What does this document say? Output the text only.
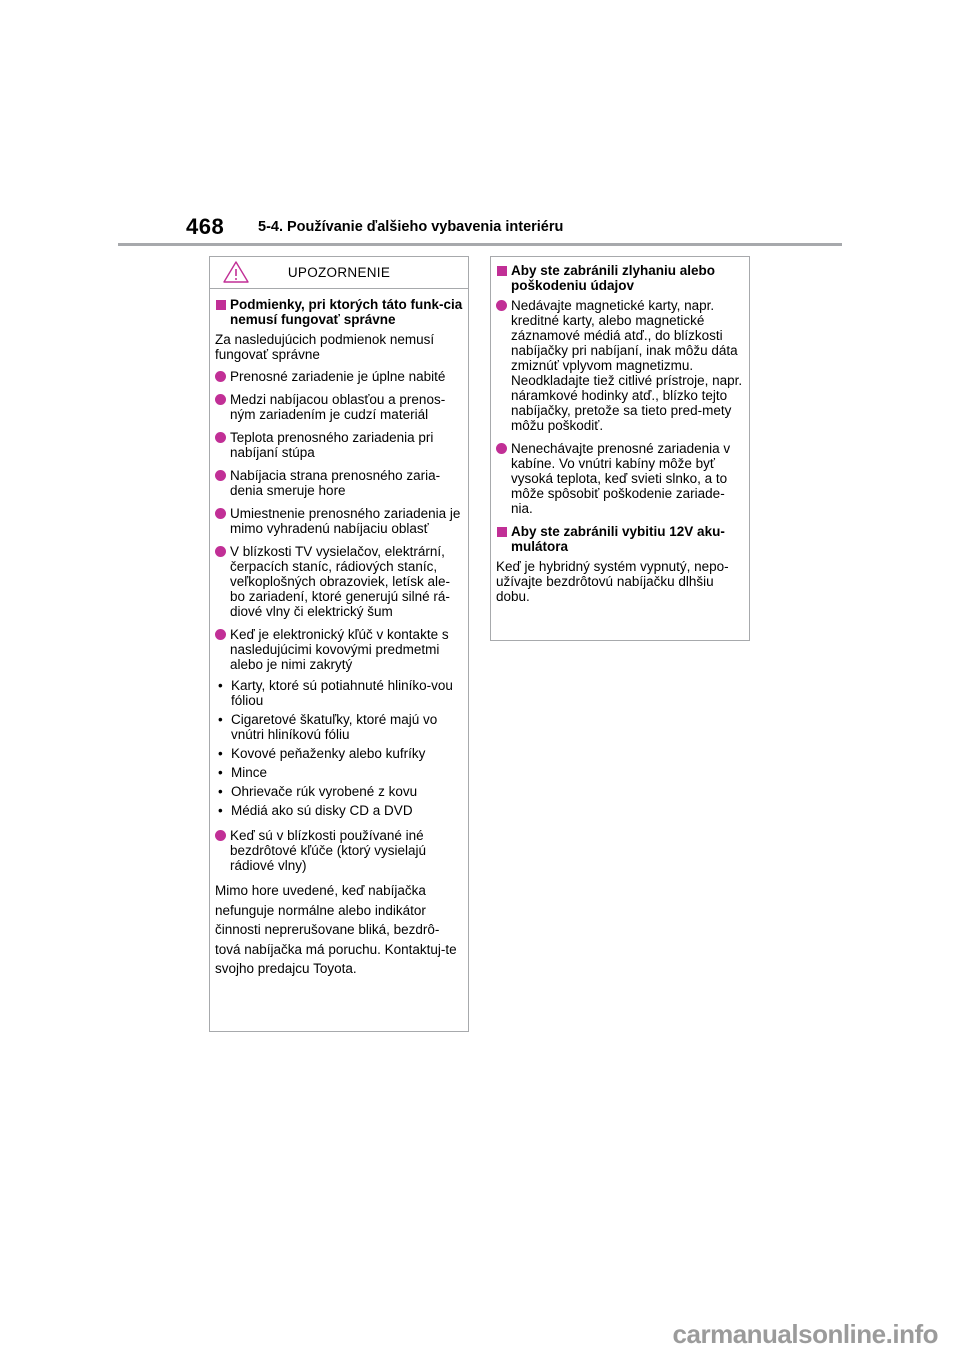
468 5-4. Používanie ďalšieho vybavenia interiéru
UPOZORNENIE
Podmienky, pri ktorých táto funk-cia nemusí fungovať správne

Za nasledujúcich podmienok nemusí fungovať správne

Prenosné zariadenie je úplne nabité
Medzi nabíjacou oblasťou a prenos-ným zariadením je cudzí materiál
Teplota prenosného zariadenia pri nabíjaní stúpa
Nabíjacia strana prenosného zaria-denia smeruje hore
Umiestnenie prenosného zariadenia je mimo vyhradenú nabíjaciu oblasť
V blízkosti TV vysielačov, elektrární, čerpacích staníc, rádiových staníc, veľkoplošných obrazoviek, letísk ale-bo zariadení, ktoré generujú silné rá-diové vlny či elektrický šum
Keď je elektronický kľúč v kontakte s nasledujúcimi kovovými predmetmi alebo je nimi zakrytý
• Karty, ktoré sú potiahnuté hliníko-vou fóliou
• Cigaretové škatuľky, ktoré majú vo vnútri hliníkovú fóliu
• Kovové peňaženky alebo kufríky
• Mince
• Ohrievače rúk vyrobené z kovu
• Médiá ako sú disky CD a DVD
Keď sú v blízkosti používané iné bezdrôtové kľúče (ktorý vysielajú rádiové vlny)

Mimo hore uvedené, keď nabíjačka nefunguje normálne alebo indikátor činnosti neprerušovane bliká, bezdrô-tová nabíjačka má poruchu. Kontaktuj-te svojho predajcu Toyota.

Aby ste zabránili zlyhaniu alebo poškodeniu údajov
Nedávajte magnetické karty, napr. kreditné karty, alebo magnetické záznamové médiá atď., do blízkosti nabíjačky pri nabíjaní, inak môžu dáta zmiznúť vplyvom magnetizmu. Neodkladajte tiež citlivé prístroje, napr. náramkové hodinky atď., blízko tejto nabíjačky, pretože sa tieto pred-mety môžu poškodiť.
Nenechávajte prenosné zariadenia v kabíne. Vo vnútri kabíny môže byť vysoká teplota, keď svieti slnko, a to môže spôsobiť poškodenie zariade-nia.
Aby ste zabránili vybitiu 12V aku-mulátora

Keď je hybridný systém vypnutý, nepo-užívajte bezdrôtovú nabíjačku dlhšiu dobu.

carmanualsonline.info
